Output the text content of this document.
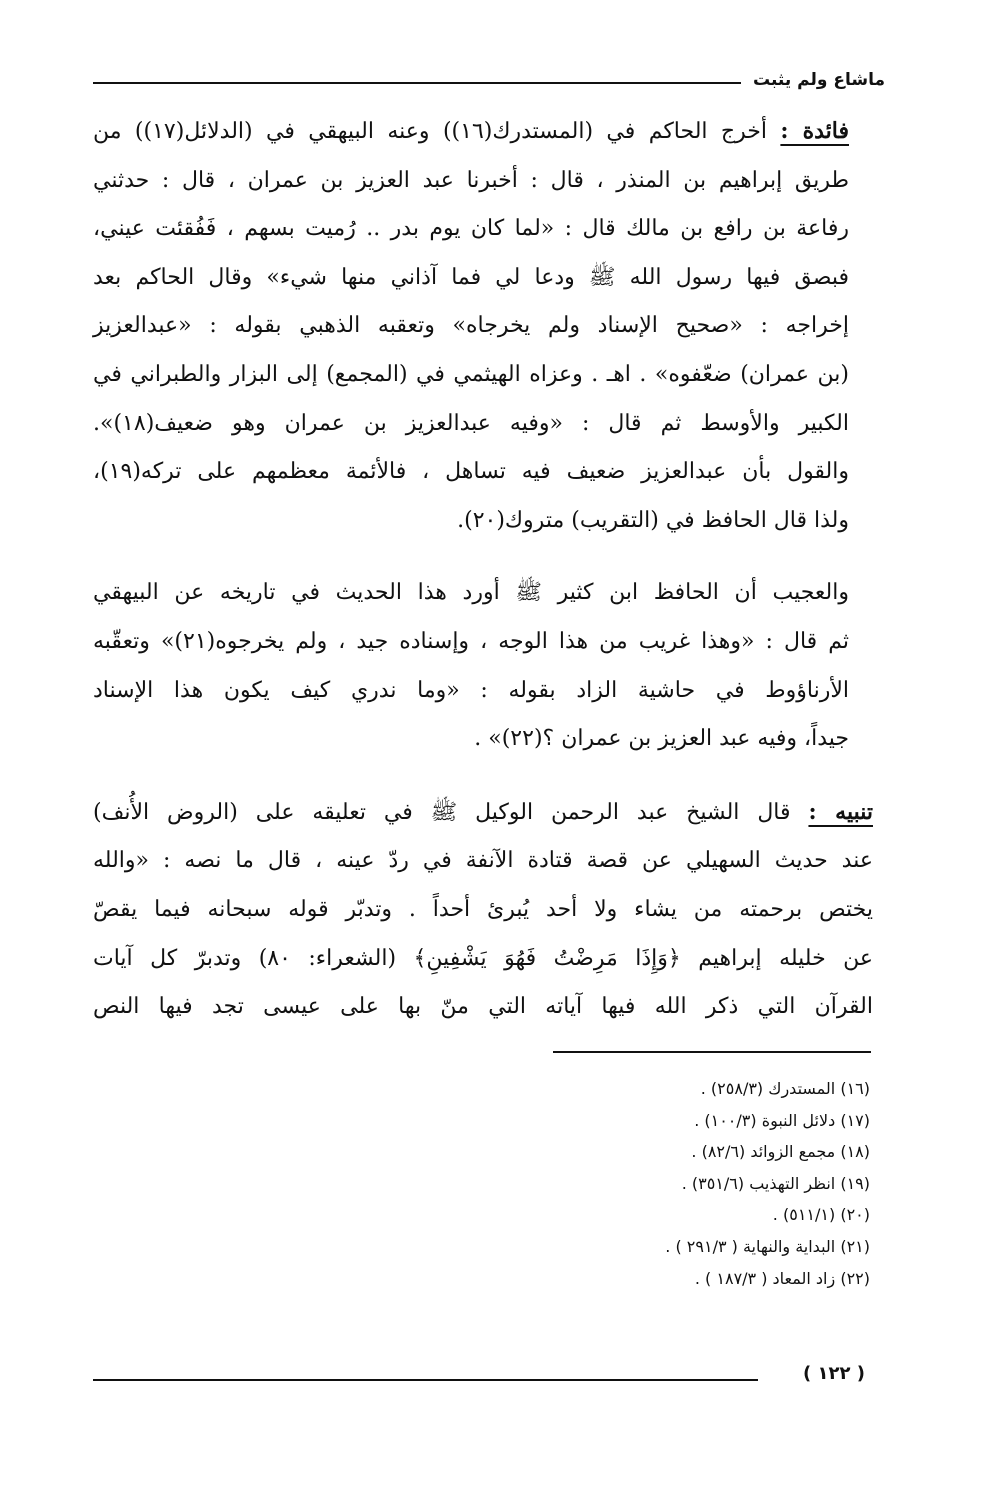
ماشاع ولم يثبت

فائدة : أخرج الحاكم في (المستدرك(١٦)) وعنه البيهقي في (الدلائل(١٧)) من
طريق إبراهيم بن المنذر ، قال : أخبرنا عبد العزيز بن عمران ، قال : حدثني
رفاعة بن رافع بن مالك قال : «لما كان يوم بدر .. رُميت بسهم ، فَفُقئت عيني،
فبصق فيها رسول الله ﷺ ودعا لي فما آذاني منها شيء» وقال الحاكم بعد
إخراجه : «صحيح الإسناد ولم يخرجاه» وتعقبه الذهبي بقوله : «عبدالعزيز
(بن عمران) ضعّفوه» . اهـ . وعزاه الهيثمي في (المجمع) إلى البزار والطبراني في
الكبير والأوسط ثم قال : «وفيه عبدالعزيز بن عمران وهو ضعيف(١٨)».
والقول بأن عبدالعزيز ضعيف فيه تساهل ، فالأئمة معظمهم على تركه(١٩)،
ولذا قال الحافظ في (التقريب) متروك(٢٠).

والعجيب أن الحافظ ابن كثير ﷺ أورد هذا الحديث في تاريخه عن البيهقي
ثم قال : «وهذا غريب من هذا الوجه ، وإسناده جيد ، ولم يخرجوه(٢١)» وتعقّبه
الأرناؤوط في حاشية الزاد بقوله : «وما ندري كيف يكون هذا الإسناد
جيداً، وفيه عبد العزيز بن عمران ؟(٢٢)» .

تنبيه : قال الشيخ عبد الرحمن الوكيل ﷺ في تعليقه على (الروض الأُنف)
عند حديث السهيلي عن قصة قتادة الآنفة في ردّ عينه ، قال ما نصه : «والله
يختص برحمته من يشاء ولا أحد يُبرئ أحداً . وتدبّر قوله سبحانه فيما يقصّ
عن خليله إبراهيم ﴿وَإِذَا مَرِضْتُ فَهُوَ يَشْفِينِ﴾ (الشعراء: ٨٠) وتدبرّ كل آيات
القرآن التي ذكر الله فيها آياته التي منّ بها على عيسى تجد فيها النص

(١٦) المستدرك (٢٥٨/٣) .
(١٧) دلائل النبوة (١٠٠/٣) .
(١٨) مجمع الزوائد (٨٢/٦) .
(١٩) انظر التهذيب (٣٥١/٦) .
(٢٠) (٥١١/١) .
(٢١) البداية والنهاية ( ٢٩١/٣ ) .
(٢٢) زاد المعاد ( ١٨٧/٣ ) .
( ١٢٢ )
